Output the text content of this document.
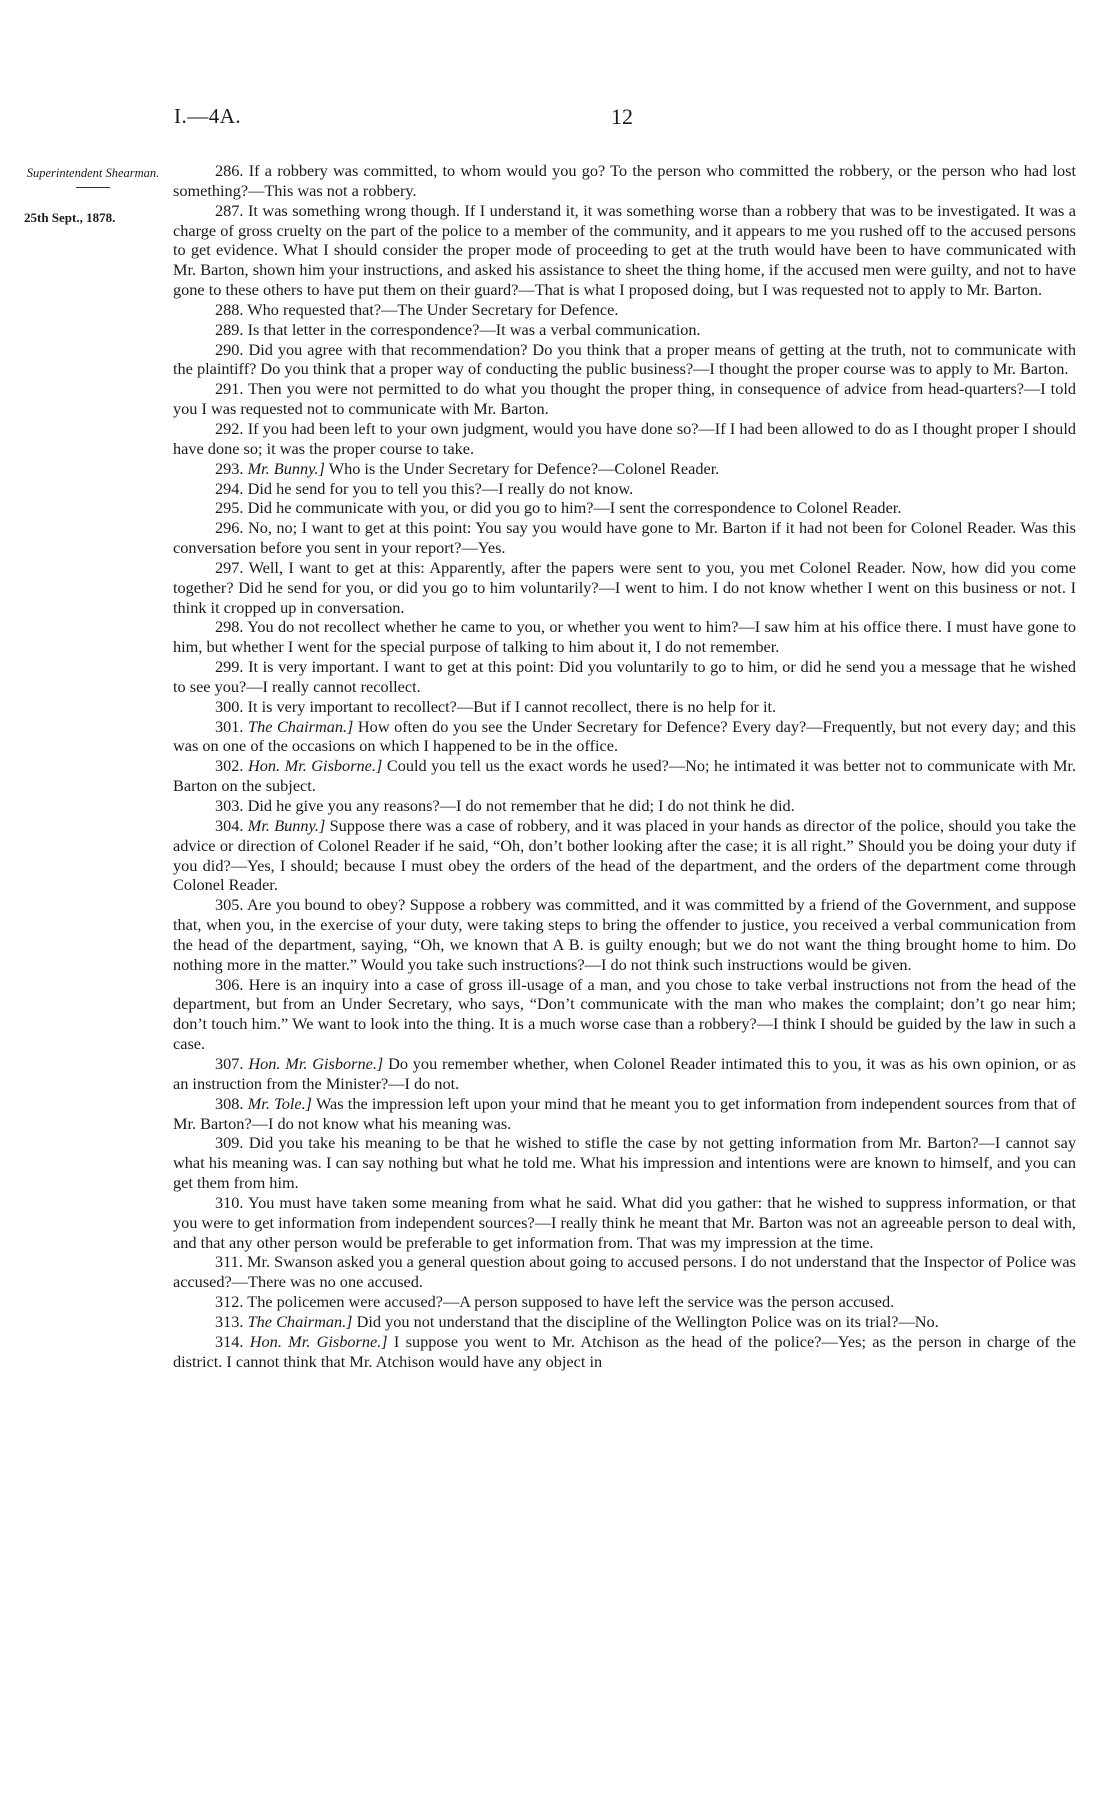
I.—4A.	12
Superintendent Shearman.
25th Sept., 1878.

286. If a robbery was committed, to whom would you go? To the person who committed the robbery, or the person who had lost something?—This was not a robbery.

287. It was something wrong though. If I understand it, it was something worse than a robbery that was to be investigated. It was a charge of gross cruelty on the part of the police to a member of the community, and it appears to me you rushed off to the accused persons to get evidence. What I should consider the proper mode of proceeding to get at the truth would have been to have communicated with Mr. Barton, shown him your instructions, and asked his assistance to sheet the thing home, if the accused men were guilty, and not to have gone to these others to have put them on their guard?—That is what I proposed doing, but I was requested not to apply to Mr. Barton.

288. Who requested that?—The Under Secretary for Defence.

289. Is that letter in the correspondence?—It was a verbal communication.

290. Did you agree with that recommendation? Do you think that a proper means of getting at the truth, not to communicate with the plaintiff? Do you think that a proper way of conducting the public business?—I thought the proper course was to apply to Mr. Barton.

291. Then you were not permitted to do what you thought the proper thing, in consequence of advice from head-quarters?—I told you I was requested not to communicate with Mr. Barton.

292. If you had been left to your own judgment, would you have done so?—If I had been allowed to do as I thought proper I should have done so; it was the proper course to take.

293. Mr. Bunny.] Who is the Under Secretary for Defence?—Colonel Reader.

294. Did he send for you to tell you this?—I really do not know.

295. Did he communicate with you, or did you go to him?—I sent the correspondence to Colonel Reader.

296. No, no; I want to get at this point: You say you would have gone to Mr. Barton if it had not been for Colonel Reader. Was this conversation before you sent in your report?—Yes.

297. Well, I want to get at this: Apparently, after the papers were sent to you, you met Colonel Reader. Now, how did you come together? Did he send for you, or did you go to him voluntarily?—I went to him. I do not know whether I went on this business or not. I think it cropped up in conversation.

298. You do not recollect whether he came to you, or whether you went to him?—I saw him at his office there. I must have gone to him, but whether I went for the special purpose of talking to him about it, I do not remember.

299. It is very important. I want to get at this point: Did you voluntarily to go to him, or did he send you a message that he wished to see you?—I really cannot recollect.

300. It is very important to recollect?—But if I cannot recollect, there is no help for it.

301. The Chairman.] How often do you see the Under Secretary for Defence? Every day?—Frequently, but not every day; and this was on one of the occasions on which I happened to be in the office.

302. Hon. Mr. Gisborne.] Could you tell us the exact words he used?—No; he intimated it was better not to communicate with Mr. Barton on the subject.

303. Did he give you any reasons?—I do not remember that he did; I do not think he did.

304. Mr. Bunny.] Suppose there was a case of robbery, and it was placed in your hands as director of the police, should you take the advice or direction of Colonel Reader if he said, “Oh, don’t bother looking after the case; it is all right.” Should you be doing your duty if you did?—Yes, I should; because I must obey the orders of the head of the department, and the orders of the department come through Colonel Reader.

305. Are you bound to obey? Suppose a robbery was committed, and it was committed by a friend of the Government, and suppose that, when you, in the exercise of your duty, were taking steps to bring the offender to justice, you received a verbal communication from the head of the department, saying, “Oh, we known that A B. is guilty enough; but we do not want the thing brought home to him. Do nothing more in the matter.” Would you take such instructions?—I do not think such instructions would be given.

306. Here is an inquiry into a case of gross ill-usage of a man, and you chose to take verbal instructions not from the head of the department, but from an Under Secretary, who says, “Don’t communicate with the man who makes the complaint; don’t go near him; don’t touch him.” We want to look into the thing. It is a much worse case than a robbery?—I think I should be guided by the law in such a case.

307. Hon. Mr. Gisborne.] Do you remember whether, when Colonel Reader intimated this to you, it was as his own opinion, or as an instruction from the Minister?—I do not.

308. Mr. Tole.] Was the impression left upon your mind that he meant you to get information from independent sources from that of Mr. Barton?—I do not know what his meaning was.

309. Did you take his meaning to be that he wished to stifle the case by not getting information from Mr. Barton?—I cannot say what his meaning was. I can say nothing but what he told me. What his impression and intentions were are known to himself, and you can get them from him.

310. You must have taken some meaning from what he said. What did you gather: that he wished to suppress information, or that you were to get information from independent sources?—I really think he meant that Mr. Barton was not an agreeable person to deal with, and that any other person would be preferable to get information from. That was my impression at the time.

311. Mr. Swanson asked you a general question about going to accused persons. I do not understand that the Inspector of Police was accused?—There was no one accused.

312. The policemen were accused?—A person supposed to have left the service was the person accused.

313. The Chairman.] Did you not understand that the discipline of the Wellington Police was on its trial?—No.

314. Hon. Mr. Gisborne.] I suppose you went to Mr. Atchison as the head of the police?—Yes; as the person in charge of the district. I cannot think that Mr. Atchison would have any object in
